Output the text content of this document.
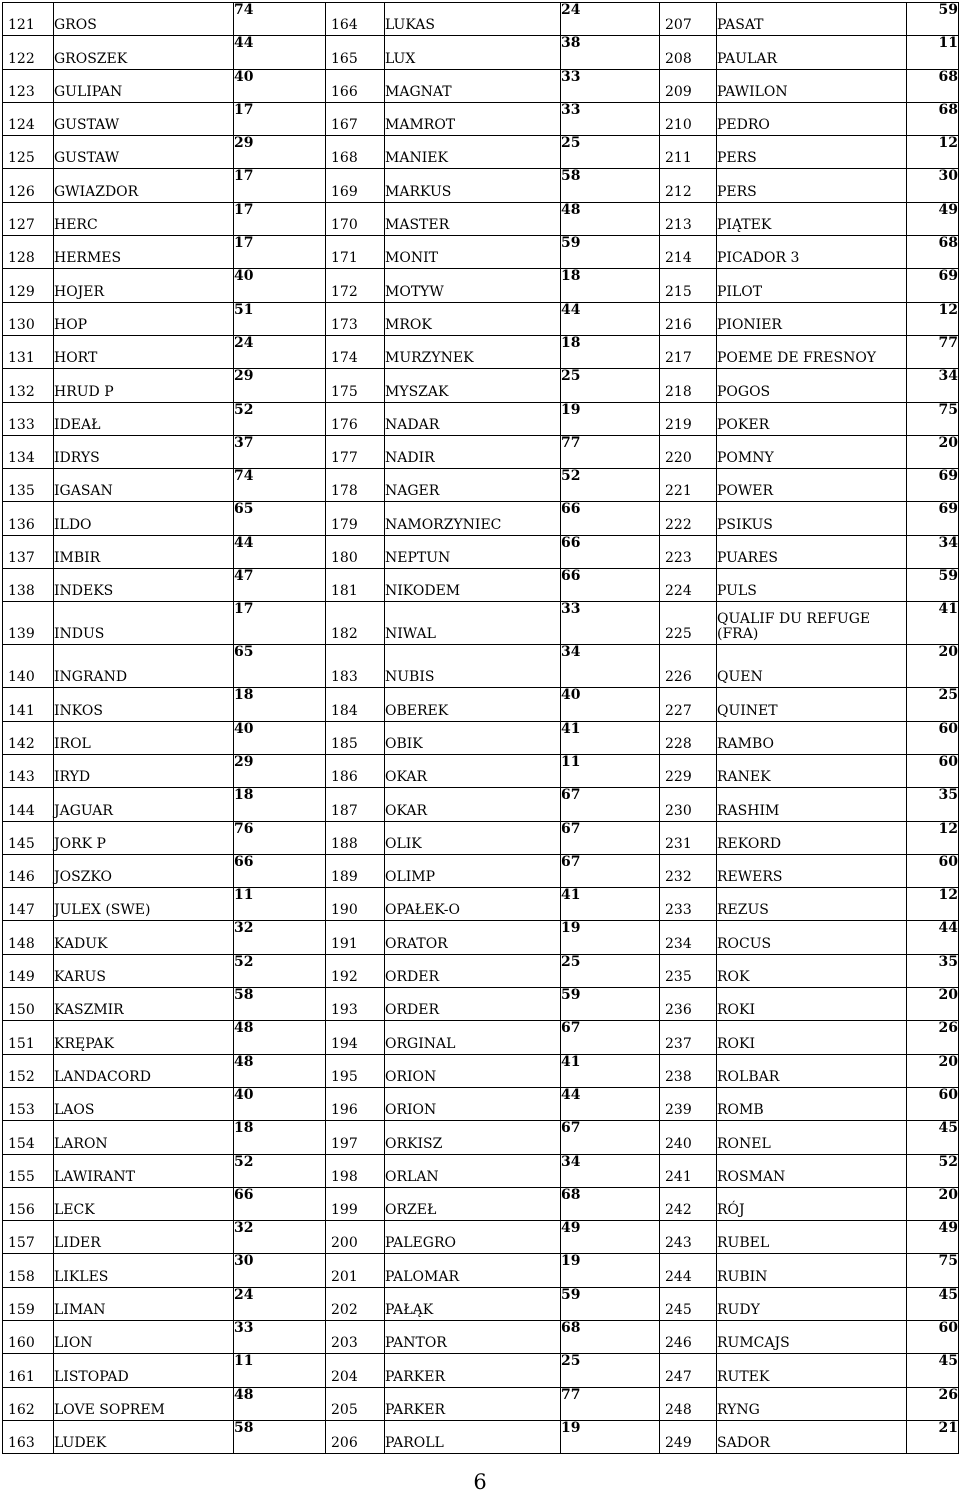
121	GROS	74	164	LUKAS	24	207	PASAT	59
122	GROSZEK	44	165	LUX	38	208	PAULAR	11
123	GULIPAN	40	166	MAGNAT	33	209	PAWILON	68
124	GUSTAW	17	167	MAMROT	33	210	PEDRO	68
125	GUSTAW	29	168	MANIEK	25	211	PERS	12
126	GWIAZDOR	17	169	MARKUS	58	212	PERS	30
127	HERC	17	170	MASTER	48	213	PIĄTEK	49
128	HERMES	17	171	MONIT	59	214	PICADOR 3	68
129	HOJER	40	172	MOTYW	18	215	PILOT	69
130	HOP	51	173	MROK	44	216	PIONIER	12
131	HORT	24	174	MURZYNEK	18	217	POEME DE FRESNOY	77
132	HRUD P	29	175	MYSZAK	25	218	POGOS	34
133	IDEAŁ	52	176	NADAR	19	219	POKER	75
134	IDRYS	37	177	NADIR	77	220	POMNY	20
135	IGASAN	74	178	NAGER	52	221	POWER	69
136	ILDO	65	179	NAMORZYNIEC	66	222	PSIKUS	69
137	IMBIR	44	180	NEPTUN	66	223	PUARES	34
138	INDEKS	47	181	NIKODEM	66	224	PULS	59
139	INDUS	17	182	NIWAL	33	225	QUALIF DU REFUGE (FRA)	41
140	INGRAND	65	183	NUBIS	34	226	QUEN	20
141	INKOS	18	184	OBEREK	40	227	QUINET	25
142	IROL	40	185	OBIK	41	228	RAMBO	60
143	IRYD	29	186	OKAR	11	229	RANEK	60
144	JAGUAR	18	187	OKAR	67	230	RASHIM	35
145	JORK P	76	188	OLIK	67	231	REKORD	12
146	JOSZKO	66	189	OLIMP	67	232	REWERS	60
147	JULEX (SWE)	11	190	OPAŁEK-O	41	233	REZUS	12
148	KADUK	32	191	ORATOR	19	234	ROCUS	44
149	KARUS	52	192	ORDER	25	235	ROK	35
150	KASZMIR	58	193	ORDER	59	236	ROKI	20
151	KRĘPAK	48	194	ORGINAL	67	237	ROKI	26
152	LANDACORD	48	195	ORION	41	238	ROLBAR	20
153	LAOS	40	196	ORION	44	239	ROMB	60
154	LARON	18	197	ORKISZ	67	240	RONEL	45
155	LAWIRANT	52	198	ORLAN	34	241	ROSMAN	52
156	LECK	66	199	ORZEŁ	68	242	RÓJ	20
157	LIDER	32	200	PALEGRO	49	243	RUBEL	49
158	LIKLES	30	201	PALOMAR	19	244	RUBIN	75
159	LIMAN	24	202	PAŁĄK	59	245	RUDY	45
160	LION	33	203	PANTOR	68	246	RUMCAJS	60
161	LISTOPAD	11	204	PARKER	25	247	RUTEK	45
162	LOVE SOPREM	48	205	PARKER	77	248	RYNG	26
163	LUDEK	58	206	PAROLL	19	249	SADOR	21
6
